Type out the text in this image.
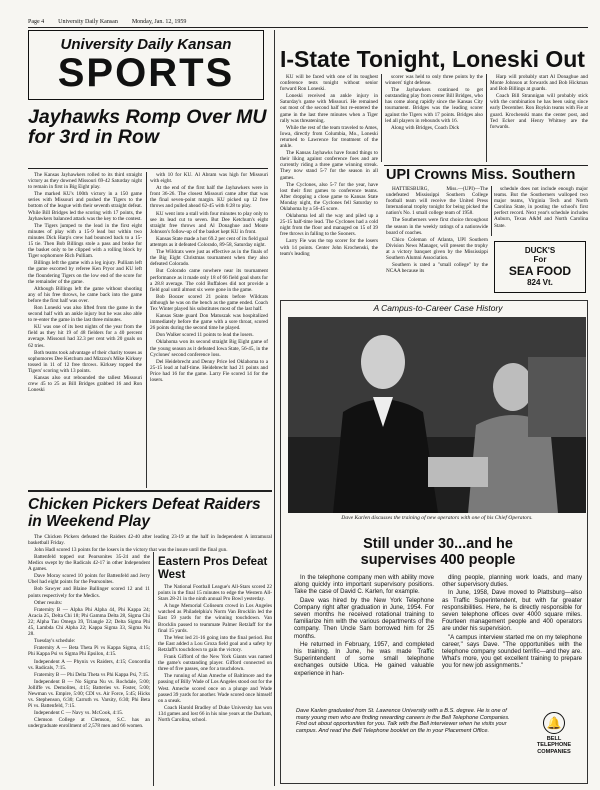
Page 4 University Daily Kansan Monday, Jan. 12, 1959
University Daily Kansan
SPORTS
Jayhawks Romp Over MU for 3rd in Row

The Kansas Jayhawkers rolled to its third straight victory as they downed Missouri 69-42 Saturday night to remain in first in Big Eight play.

The marked KU's 100th victory in a 150 game series with Missouri and pushed the Tigers to the bottom of the league with their seventh straight defeat. While Bill Bridges led the scoring with 17 points, the Jayhawkers balanced attack was the key to the contest.

The Tigers jumped to the lead in the first eight minutes of play with a 15-9 lead but within two minutes Dick Harp's crew had bounced back to a 15-15 tie. Then Bob Billings stole a pass and broke for the basket only to be clipped with a rolling block by Tiger sophomore Rich Pulliam.

Billings left the game with a leg injury. Pulliam left the game escorted by referee Ken Pryor and KU left the floundering Tigers on the low end of the score for the remainder of the game.

Although Billings left the game without shooting any of his free throws, he came back into the game before the first half was over.

Ron Loneski was also lifted from the game in the second half with an ankle injury but he was also able to re-enter the game in the last three minutes.

KU was one of its best nights of the year from the field as they hit 19 of 48 fielders for a 40 percent average. Missouri had 32.3 per cent with 20 goals on 62 tries.

Both teams took advantage of their charity tosses as sophomores Dee Ketchum and Mizzou's Mike Kirksey tossed in 11 of 12 free throws. Kirksey topped the Tigers' scoring with 13 points.

Kansas also out rebounded the tallest Missouri crew 45 to 25 as Bill Bridges grabbed 16 and Ron Loneski

with 10 for KU. Al Abram was high for Missouri with eight.

At the end of the first half the Jayhawkers were in front 36-26. The closest Missouri came after that was the final seven-point margin. KU picked up 12 free throws and pulled ahead 62-45 with 6:28 to play.

KU went into a stall with four minutes to play only to see its lead cut to seven. But Dee Ketchum's eight straight free throws and Al Donaghue and Monte Johnson's follow-up of the basket kept KU in front.

Kansas State made a hot 69.2 per cent of its field goal attempts as it defeated Colorado, 89-58, Saturday night.

The Wildcats were just as effective as in the finals of the Big Eight Christmas tournament when they also defeated Colorado.

But Colorado came nowhere near its tournament performance as it made only 18 of 66 field goal shots for a 28.8 average. The cold Buffaloes did not provide a field goal until almost six were gone in the game.

Bob Boozer scored 21 points before Wildcats although he was on the bench as the game ended. Coach Tex Winter played his substitutes most of the last half.

Kansas State guard Don Matuszak was hospitalized immediately before the game with a sore throat, scored 26 points during the second time he played.

Don Walker scored 11 points to lead the losers.

Oklahoma won its second straight Big Eight game of the young season as it defeated Iowa State, 56-45, in the Cyclones' second conference loss.

Del Heidebrecht and Denny Price led Oklahoma to a 25-15 lead at half-time. Heidebrecht had 21 points and Price had 16 for the game. Larry Fie scored 14 for the losers.

I-State Tonight, Loneski Out

KU will be faced with one of its toughest conference tests tonight without senior forward Ron Loneski.

Loneski received an ankle injury in Saturday's game with Missouri. He remained out most of the second half but re-entered the game in the last three minutes when a Tiger rally was threatening.

While the rest of the team traveled to Ames, Iowa, directly from Columbia, Mo., Loneski returned to Lawrence for treatment of the ankle.

The Kansas Jayhawks have found things to their liking against conference foes and are currently riding a three game winning streak. They now stand 5-7 for the season in all games.

The Cyclones, also 5-7 for the year, have lost their first games to conference teams. After dropping a close game to Kansas State Monday night, the Cyclones fell Saturday to Oklahoma by a 56-45 score.

Oklahoma led all the way and piled up a 25-15 half-time lead. The Cyclones had a cold night from the floor and managed on 15 of 39 free throws in falling to the Sooners.

Larry Fie was the top scorer for the losers with 14 points. Center John Krochenski, the team's leading

scorer was held to only three points by the winners' tight defense.

The Jayhawkers continued to get outstanding play from center Bill Bridges, who has come along rapidly since the Kansas City tournament. Bridges was the leading scorer against the Tigers with 17 points. Bridges also led all players in rebounds with 16.

Along with Bridges, Coach Dick

Harp will probably start Al Donaghue and Monte Johnson at forwards and Bob Hickman and Bob Billings at guards.

Coach Bill Strannigan will probably stick with the combination he has been using since early December. Ron Boykin teams with Fie at guard. Krochenski mans the center post, and Ted Ecker and Henry Whitney are the forwards.

UPI Crowns Miss. Southern

HATTIESBURG, Miss.—(UPI)—The undefeated Mississippi Southern College football team will receive the United Press International trophy tonight for being picked the nation's No. 1 small college team of 1958.

The Southerners were first choice throughout the season in the weekly ratings of a nationwide board of coaches.

Chico Coleman of Atlanta, UPI Southern Division News Manager, will present the trophy at a victory banquet given by the Mississippi Southern Alumni Association.

Southern is rated a "small college" by the NCAA because its

schedule does not include enough major teams. But the Southerners walloped two major teams, Virginia Tech and North Carolina State, in posting the school's first perfect record. Next year's schedule includes Auburn, Texas A&M and North Carolina State.

DUCK'S
For
SEA FOOD
824 Vt.
Chicken Pickers Defeat Raiders in Weekend Play

The Chicken Pickers defeated the Raiders 42-40 after leading 23-19 at the half in Independent A intramural basketball Friday.

John Hadl scored 13 points for the losers in the victory that was the insure until the final gun.

Battenfeld topped out Pearsonites 35-24 and the Medics swept by the Radicals 42-17 in other Independent A games.

Dave Moray scored 10 points for Battenfeld and Jerry Ubel had eight points for the Pearsonites.

Bob Sawyer and Blaine Ballinger scored 12 and 11 points respectively for the Medics.

Other results:

Fraternity B — Alpha Phi Alpha 44, Phi Kappa 24; Acacia 25, Delta Chi 18; Phi Gamma Delta 28, Sigma Chi 22; Alpha Tau Omega 39, Triangle 22; Delta Sigma Phi 45, Lambda Chi Alpha 22; Kappa Sigma 33, Sigma Nu 28.

Tuesday's schedule:

Fraternity A — Beta Theta Pi vs Kappa Sigma, 4:15; Phi Kappa Psi vs Sigma Phi Epsilon, 4:15.

Independent A — Phynix vs Raiders, 4:15; Concordia vs. Radicals, 7:15.

Fraternity B — Phi Delta Theta vs Phi Kappa Psi, 7:15.

Independent B — No Sigma Nu vs. Rochdale, 5:00; Jolliffe vs. Demolites, 4:15; Batteries vs. Foster, 5:00; Newman vs. Empire, 5:00; CDI vs. Air Force, 5:45; Hicks vs. Stephenson, 6:30; Carruth vs. Varsity, 6:30; Phi Beta Pi vs. Battenfeld, 7:15.

Independent C — Navy vs. McCook, 4:15.

Clemson College at Clemson, S.C. has an undergraduate enrollment of 2,578 men and 66 women.

Eastern Pros Defeat West

The National Football League's All-Stars scored 22 points in the final 15 minutes to edge the Western All-Stars 28-21 in the ninth annual Pro Bowl yesterday.

A huge Memorial Coliseum crowd in Los Angeles watched as Philadelphia's Norm Van Brocklin led the East 59 yards for the winning touchdown. Van Brocklin passed to teammate Palmer Retzlaff for the final 15 yards.

The West led 21-16 going into the final period. But the East added a Lou Groza field goal and a safety by Retzlaff's touchdown to gain the victory.

Frank Gifford of the New York Giants was named the game's outstanding player. Gifford connected on three of five passes, one for a touchdown.

The running of Alan Ameche of Baltimore and the passing of Billy Wade of Los Angeles stood out for the West. Ameche scored once on a plunge and Wade passed 39 yards for another. Wade scored once himself on a sneak.

Coach Harold Bradley of Duke University has won 134 games and lost 66 in his nine years at the Durham, North Carolina, school.

A Campus-to-Career Case History
Dave Karlen discusses the training of new operators with one of his Chief Operators.
Still under 30...and he
supervises 400 people

In the telephone company men with ability move along quickly into important supervisory positions. Take the case of David C. Karlen, for example.

Dave was hired by the New York Telephone Company right after graduation in June, 1954. For seven months he received rotational training to familiarize him with the various departments of the company. Then Uncle Sam borrowed him for 25 months.

He returned in February, 1957, and completed his training. In June, he was made Traffic Superintendent of some small telephone exchanges outside Utica. He gained valuable experience in han-

dling people, planning work loads, and many other supervisory duties.

In June, 1958, Dave moved to Plattsburg—also as Traffic Superintendent, but with far greater responsibilities. Here, he is directly responsible for seven telephone offices over 4000 square miles. Fourteen management people and 400 operators are under his supervision.

"A campus interview started me on my telephone career," says Dave. "The opportunities with the telephone company sounded terrific—and they are. What's more, you get excellent training to prepare you for new job assignments."

Dave Karlen graduated from St. Lawrence University with a B.S. degree. He is one of many young men who are finding rewarding careers in the Bell Telephone Companies. Find out about opportunities for you. Talk with the Bell interviewer when he visits your campus. And read the Bell Telephone booklet on file in your Placement Office.
🔔
BELL
TELEPHONE
COMPANIES
